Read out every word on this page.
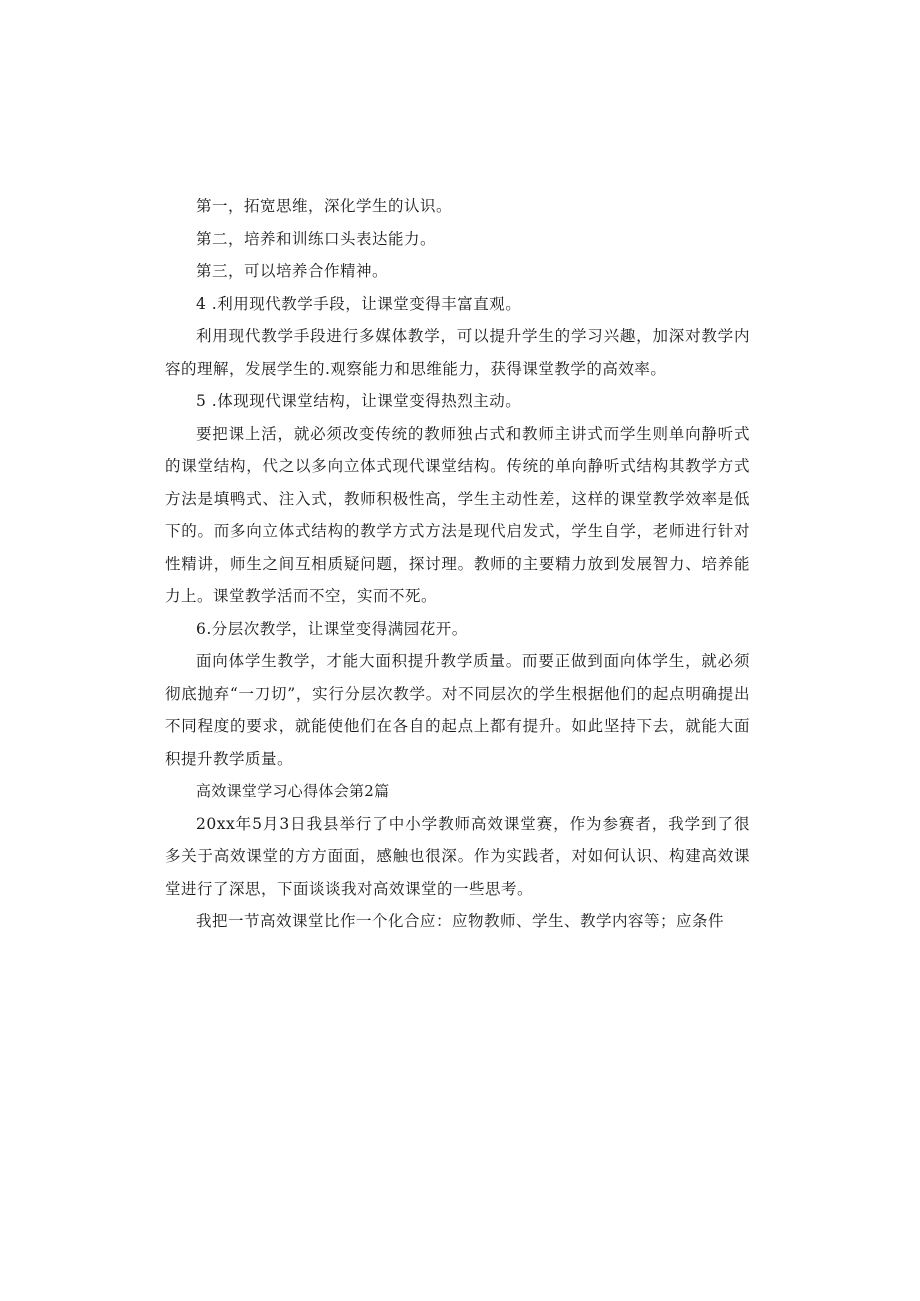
第一，拓宽思维，深化学生的认识。

第二，培养和训练口头表达能力。

第三，可以培养合作精神。

4 .利用现代教学手段，让课堂变得丰富直观。

利用现代教学手段进行多媒体教学，可以提升学生的学习兴趣，加深对教学内容的理解，发展学生的.观察能力和思维能力，获得课堂教学的高效率。

5 .体现现代课堂结构，让课堂变得热烈主动。

要把课上活，就必须改变传统的教师独占式和教师主讲式而学生则单向静听式的课堂结构，代之以多向立体式现代课堂结构。传统的单向静听式结构其教学方式方法是填鸭式、注入式，教师积极性高，学生主动性差，这样的课堂教学效率是低下的。而多向立体式结构的教学方式方法是现代启发式，学生自学，老师进行针对性精讲，师生之间互相质疑问题，探讨理。教师的主要精力放到发展智力、培养能力上。课堂教学活而不空，实而不死。

6.分层次教学，让课堂变得满园花开。

面向体学生教学，才能大面积提升教学质量。而要正做到面向体学生，就必须彻底抛弃“一刀切”，实行分层次教学。对不同层次的学生根据他们的起点明确提出不同程度的要求，就能使他们在各自的起点上都有提升。如此坚持下去，就能大面积提升教学质量。

高效课堂学习心得体会第2篇

20xx年5月3日我县举行了中小学教师高效课堂赛，作为参赛者，我学到了很多关于高效课堂的方方面面，感触也很深。作为实践者，对如何认识、构建高效课堂进行了深思，下面谈谈我对高效课堂的一些思考。

我把一节高效课堂比作一个化合应：应物教师、学生、教学内容等；应条件
